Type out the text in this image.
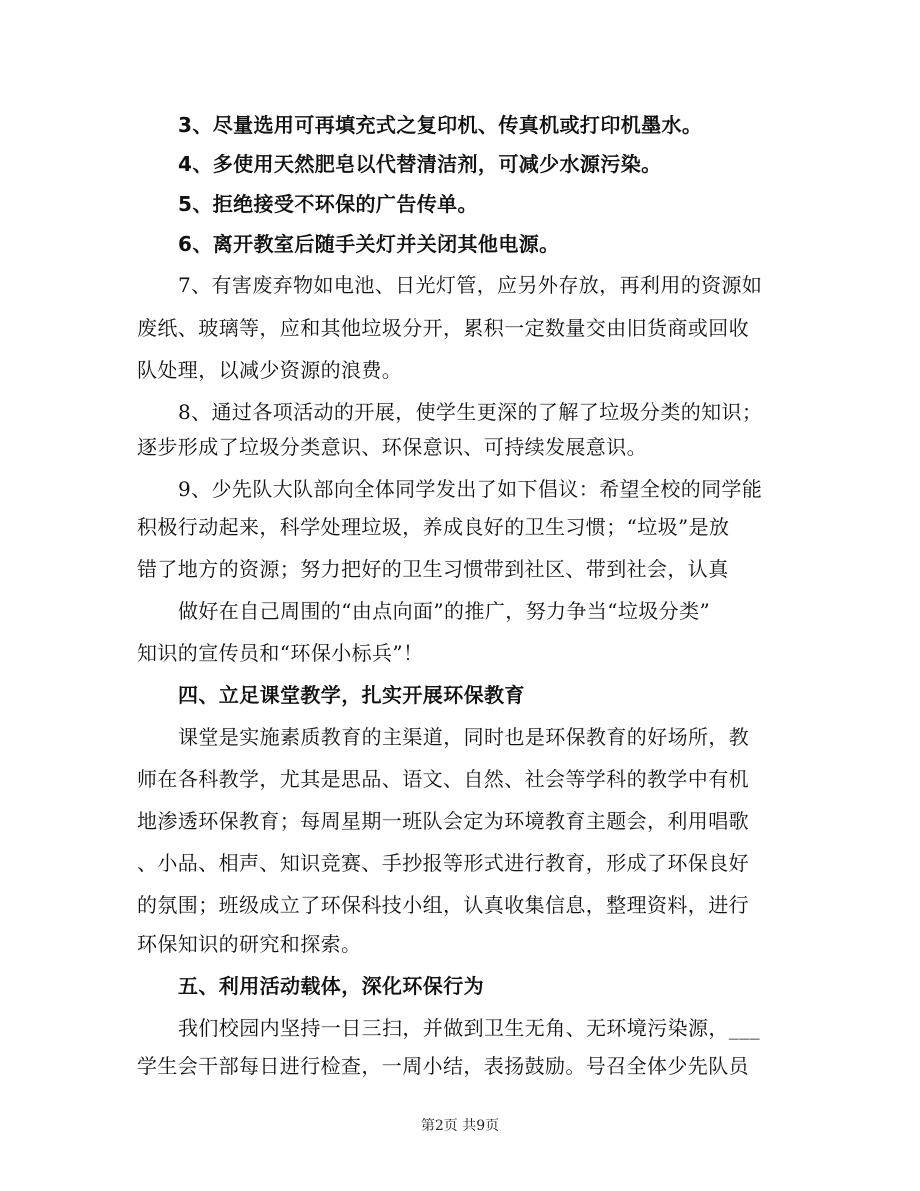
3、尽量选用可再填充式之复印机、传真机或打印机墨水。
4、多使用天然肥皂以代替清洁剂，可减少水源污染。
5、拒绝接受不环保的广告传单。
6、离开教室后随手关灯并关闭其他电源。
7、有害废弃物如电池、日光灯管，应另外存放，再利用的资源如
废纸、玻璃等，应和其他垃圾分开，累积一定数量交由旧货商或回收
队处理，以减少资源的浪费。
8、通过各项活动的开展，使学生更深的了解了垃圾分类的知识；
逐步形成了垃圾分类意识、环保意识、可持续发展意识。
9、少先队大队部向全体同学发出了如下倡议：希望全校的同学能
积极行动起来，科学处理垃圾，养成良好的卫生习惯；“垃圾”是放
错了地方的资源；努力把好的卫生习惯带到社区、带到社会，认真
做好在自己周围的“由点向面”的推广，努力争当“垃圾分类”
知识的宣传员和“环保小标兵”！
四、立足课堂教学，扎实开展环保教育
课堂是实施素质教育的主渠道，同时也是环保教育的好场所，教
师在各科教学，尤其是思品、语文、自然、社会等学科的教学中有机
地渗透环保教育；每周星期一班队会定为环境教育主题会，利用唱歌
、小品、相声、知识竞赛、手抄报等形式进行教育，形成了环保良好
的氛围；班级成立了环保科技小组，认真收集信息，整理资料，进行
环保知识的研究和探索。
五、利用活动载体，深化环保行为
我们校园内坚持一日三扫，并做到卫生无角、无环境污染源，___
学生会干部每日进行检查，一周小结，表扬鼓励。号召全体少先队员
第2页 共9页
